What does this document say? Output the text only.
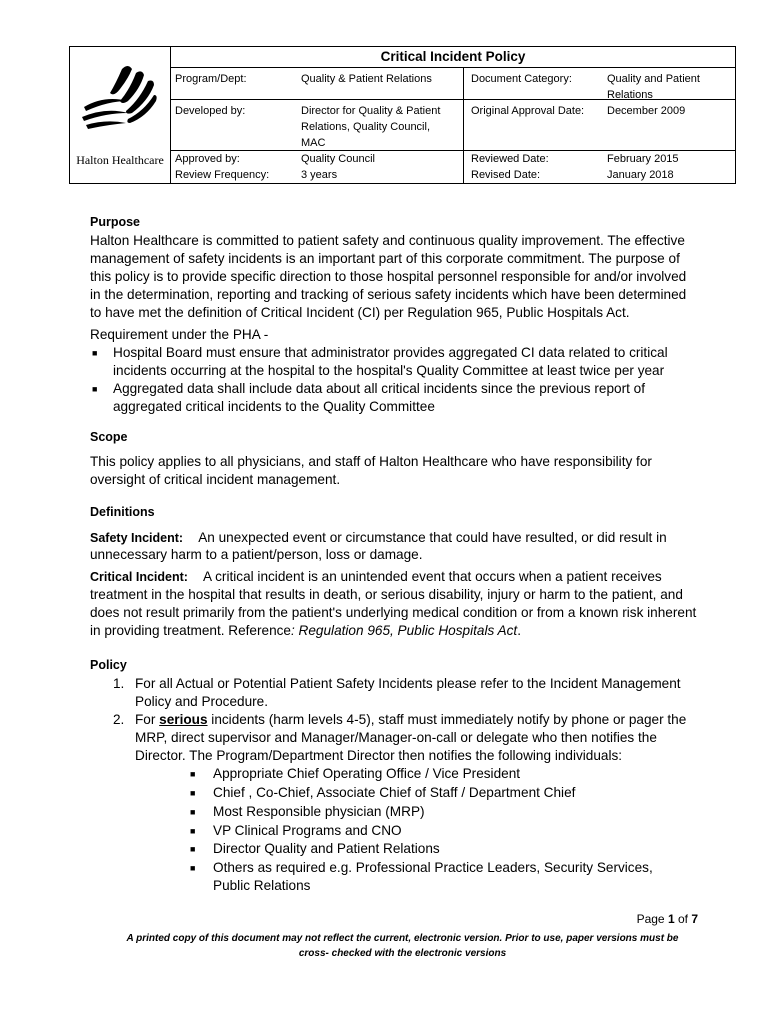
Halton Healthcare
Critical Incident Policy
Program/Dept:	Quality & Patient Relations	Document Category:	Quality and Patient
Relations
Developed by:	Director for Quality & Patient
Relations, Quality Council,
MAC
Original Approval Date: December 2009
Approved by:	Quality Council	Reviewed Date:	February 2015
Review Frequency:	3 years	Revised Date:	January 2018
Purpose
Halton Healthcare is committed to patient safety and continuous quality improvement. The effective
management of safety incidents is an important part of this corporate commitment. The purpose of
this policy is to provide specific direction to those hospital personnel responsible for and/or involved
in the determination, reporting and tracking of serious safety incidents which have been determined
to have met the definition of Critical Incident (CI) per Regulation 965, Public Hospitals Act.
Requirement under the PHA -
■ Hospital Board must ensure that administrator provides aggregated CI data related to critical
incidents occurring at the hospital to the hospital's Quality Committee at least twice per year
■ Aggregated data shall include data about all critical incidents since the previous report of
aggregated critical incidents to the Quality Committee
Scope
This policy applies to all physicians, and staff of Halton Healthcare who have responsibility for
oversight of critical incident management.
Definitions
Safety Incident: An unexpected event or circumstance that could have resulted, or did result in
unnecessary harm to a patient/person, loss or damage.
Critical Incident: A critical incident is an unintended event that occurs when a patient receives
treatment in the hospital that results in death, or serious disability, injury or harm to the patient, and
does not result primarily from the patient's underlying medical condition or from a known risk inherent
in providing treatment. Reference: Regulation 965, Public Hospitals Act.
Policy
1. For all Actual or Potential Patient Safety Incidents please refer to the Incident Management
Policy and Procedure.
2. For serious incidents (harm levels 4-5), staff must immediately notify by phone or pager the
MRP, direct supervisor and Manager/Manager-on-call or delegate who then notifies the
Director. The Program/Department Director then notifies the following individuals:
■ Appropriate Chief Operating Office / Vice President
■ Chief , Co-Chief, Associate Chief of Staff / Department Chief
■ Most Responsible physician (MRP)
■ VP Clinical Programs and CNO
■ Director Quality and Patient Relations
■ Others as required e.g. Professional Practice Leaders, Security Services,
Public Relations
Page 1 of 7
A printed copy of this document may not reflect the current, electronic version. Prior to use, paper versions must be
cross- checked with the electronic versions
